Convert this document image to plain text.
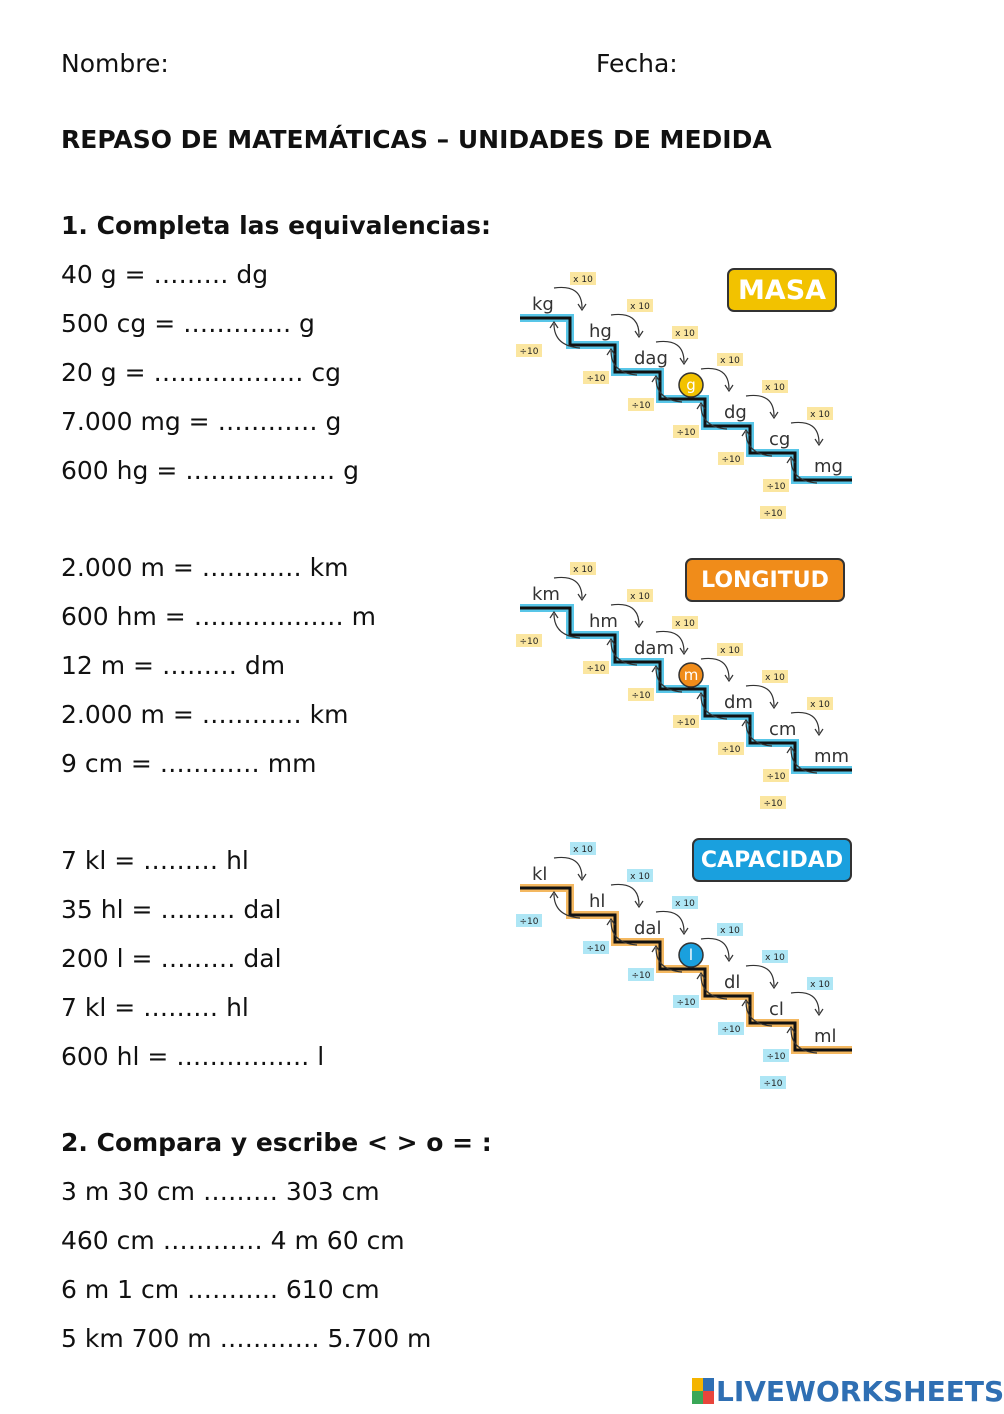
Nombre:	Fecha:
REPASO DE MATEMÁTICAS – UNIDADES DE MEDIDA
1. Completa las equivalencias:
40 g = ……… dg
500 cg = …………. g
20 g = ……………… cg
7.000 mg = ………… g
600 hg = ……………… g
2.000 m = ………… km
600 hm = ……………… m
12 m = ……… dm
2.000 m = ………… km
9 cm = ………… mm
7 kl = ……… hl
35 hl = ……… dal
200 l = ……… dal
7 kl = ……… hl
600 hl = ……………. l
2. Compara y escribe < > o = :
3 m 30 cm ……… 303 cm
460 cm ………… 4 m 60 cm
6 m 1 cm ……….. 610 cm
5 km 700 m ………… 5.700 m
MASA
kg
x 10
÷10
hg
x 10
÷10
dag
x 10
÷10
g
x 10
÷10
dg
x 10
÷10
cg
x 10
÷10
mg
÷10
LONGITUD
km
x 10
÷10
hm
x 10
÷10
dam
x 10
÷10
m
x 10
÷10
dm
x 10
÷10
cm
x 10
÷10
mm
÷10
CAPACIDAD
kl
x 10
÷10
hl
x 10
÷10
dal
x 10
÷10
l
x 10
÷10
dl
x 10
÷10
cl
x 10
÷10
ml
÷10
LIVEWORKSHEETS
